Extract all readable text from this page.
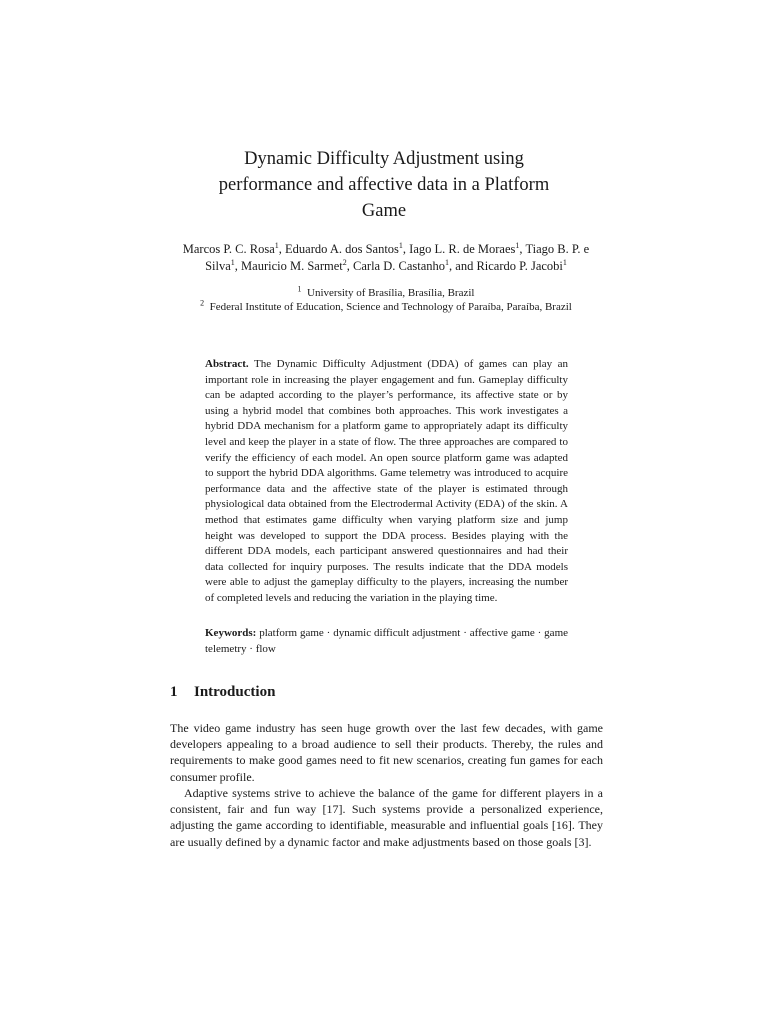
Dynamic Difficulty Adjustment using
performance and affective data in a Platform
Game

Marcos P. C. Rosa$^1$, Eduardo A. dos Santos$^1$, Iago L. R. de Moraes$^1$, Tiago B. P. e Silva$^1$, Mauricio M. Sarmet$^2$, Carla D. Castanho$^1$, and Ricardo P. Jacobi$^1$

$^1$ University of Brasília, Brasília, Brazil

$^2$ Federal Institute of Education, Science and Technology of Paraíba, Paraíba, Brazil

Abstract. The Dynamic Difficulty Adjustment (DDA) of games can play an important role in increasing the player engagement and fun. Gameplay difficulty can be adapted according to the player’s performance, its affective state or by using a hybrid model that combines both approaches. This work investigates a hybrid DDA mechanism for a platform game to appropriately adapt its difficulty level and keep the player in a state of flow. The three approaches are compared to verify the efficiency of each model. An open source platform game was adapted to support the hybrid DDA algorithms. Game telemetry was introduced to acquire performance data and the affective state of the player is estimated through physiological data obtained from the Electrodermal Activity (EDA) of the skin. A method that estimates game difficulty when varying platform size and jump height was developed to support the DDA process. Besides playing with the different DDA models, each participant answered questionnaires and had their data collected for inquiry purposes. The results indicate that the DDA models were able to adjust the gameplay difficulty to the players, increasing the number of completed levels and reducing the variation in the playing time.

Keywords: platform game · dynamic difficult adjustment · affective game · game telemetry · flow

1 Introduction

The video game industry has seen huge growth over the last few decades, with game developers appealing to a broad audience to sell their products. Thereby, the rules and requirements to make good games need to fit new scenarios, creating fun games for each consumer profile.

Adaptive systems strive to achieve the balance of the game for different players in a consistent, fair and fun way [17]. Such systems provide a personalized experience, adjusting the game according to identifiable, measurable and influential goals [16]. They are usually defined by a dynamic factor and make adjustments based on those goals [3].
